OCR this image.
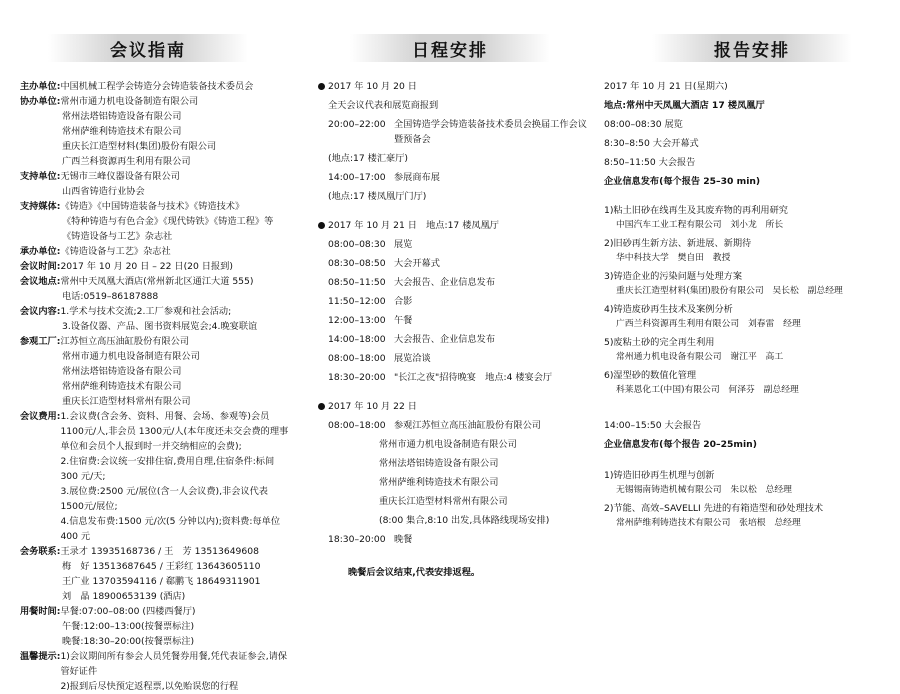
会议指南	日程安排	报告安排
主办单位: 中国机械工程学会铸造分会铸造装备技术委员会
协办单位: 常州市通力机电设备制造有限公司
常州法塔铝铸造设备有限公司
常州萨维利铸造技术有限公司
重庆长江造型材料(集团)股份有限公司
广西兰科资源再生利用有限公司
支持单位: 无锡市三峰仪器设备有限公司
山西省铸造行业协会
支持媒体: 《铸造》《中国铸造装备与技术》《铸造技术》
《特种铸造与有色合金》《现代铸铁》《铸造工程》等
《铸造设备与工艺》杂志社
承办单位: 《铸造设备与工艺》杂志社
会议时间: 2017 年 10 月 20 日 – 22 日(20 日报到)
会议地点: 常州中天凤凰大酒店(常州新北区通江大道 555)
电话:0519–86187888
会议内容: 1.学术与技术交流;2.工厂参观和社会活动;
3.设备仪器、产品、图书资料展览会;4.晚宴联谊
参观工厂: 江苏恒立高压油缸股份有限公司
常州市通力机电设备制造有限公司
常州法塔铝铸造设备有限公司
常州萨维利铸造技术有限公司
重庆长江造型材料常州有限公司
会议费用: 1.会议费(含会务、资料、用餐、会场、参观等)会员 1100元/人,非会员 1300元/人(本年度还未交会费的理事单位和会员个人报到时一并交纳相应的会费);
2.住宿费:会议统一安排住宿,费用自理,住宿条件:标间 300 元/天;
3.展位费:2500 元/展位(含一人会议费),非会议代表 1500元/展位;
4.信息发布费:1500 元/次(5 分钟以内);资料费:每单位 400 元
会务联系: 王录才 13935168736 / 王　芳 13513649608
梅　好 13513687645 / 王彩红 13643605110
王广业 13703594116 / 郗鹏飞 18649311901
刘　晶 18900653139 (酒店)
用餐时间: 早餐:07:00–08:00 (四楼西餐厅)
午餐:12:00–13:00(按餐票标注)
晚餐:18:30–20:00(按餐票标注)
温馨提示: 1)会议期间所有参会人员凭餐券用餐,凭代表证参会,请保管好证件
2)报到后尽快预定返程票,以免贻误您的行程
2017 年 10 月 20 日
全天会议代表和展览商报到
20:00–22:00 全国铸造学会铸造装备技术委员会换届工作会议
暨预备会
(地点:17 楼汇豪厅)
14:00–17:00 参展商布展
(地点:17 楼凤凰厅门厅)
2017 年 10 月 21 日　地点:17 楼凤凰厅
08:00–08:30 展览
08:30–08:50 大会开幕式
08:50–11:50 大会报告、企业信息发布
11:50–12:00 合影
12:00–13:00 午餐
14:00–18:00 大会报告、企业信息发布
08:00–18:00 展览洽谈
18:30–20:00 "长江之夜"招待晚宴　地点:4 楼宴会厅
2017 年 10 月 22 日
08:00–18:00 参观江苏恒立高压油缸股份有限公司
常州市通力机电设备制造有限公司
常州法塔铝铸造设备有限公司
常州萨维利铸造技术有限公司
重庆长江造型材料常州有限公司
(8:00 集合,8:10 出发,具体路线现场安排)
18:30–20:00 晚餐
晚餐后会议结束,代表安排返程。
2017 年 10 月 21 日(星期六)
地点:常州中天凤凰大酒店 17 楼凤凰厅
08:00–08:30 展览
8:30–8:50 大会开幕式
8:50–11:50 大会报告
企业信息发布(每个报告 25–30 min)
1)粘土旧砂在线再生及其废弃物的再利用研究
中国汽车工业工程有限公司　刘小龙　所长
2)旧砂再生新方法、新进展、新期待
华中科技大学　樊自田　教授
3)铸造企业的污染问题与处理方案
重庆长江造型材料(集团)股份有限公司　吴长松　副总经理
4)铸造废砂再生技术及案例分析
广西兰科资源再生利用有限公司　刘春雷　经理
5)废粘土砂的完全再生利用
常州通力机电设备有限公司　谢江平　高工
6)湿型砂的数值化管理
科莱恩化工(中国)有限公司　何泽芬　副总经理
14:00–15:50 大会报告
企业信息发布(每个报告 20–25min)
1)铸造旧砂再生机理与创新
无锡锡南铸造机械有限公司　朱以松　总经理
2)节能、高效–SAVELLI 先进的有箱造型和砂处理技术
常州萨维利铸造技术有限公司　张培根　总经理
